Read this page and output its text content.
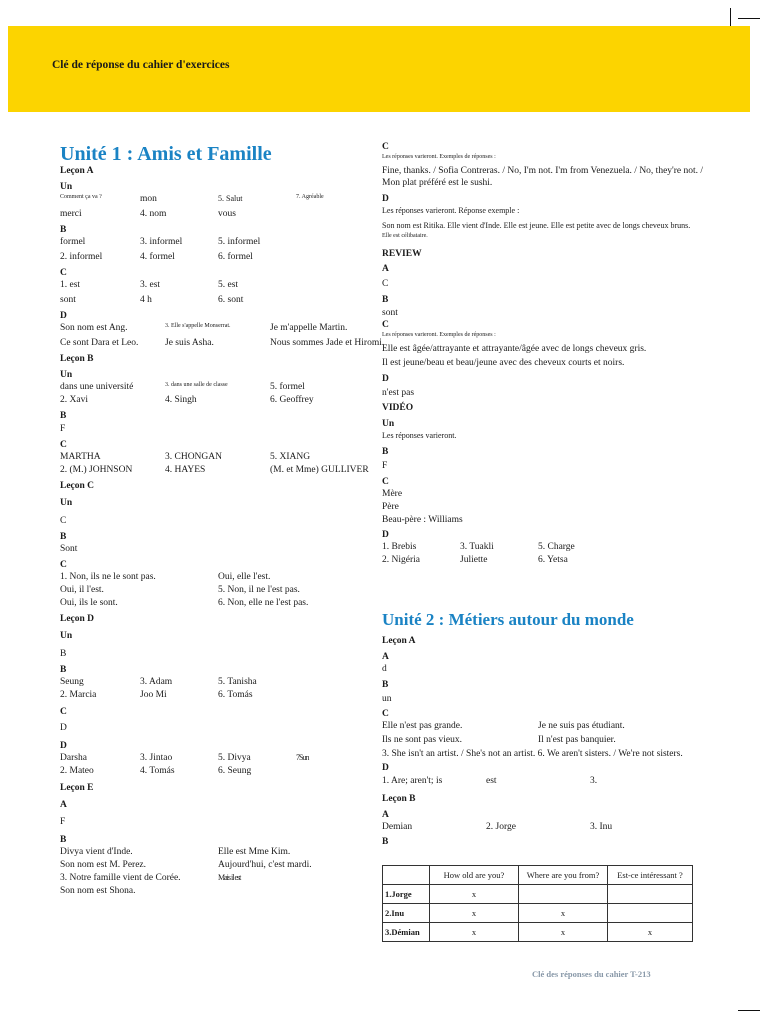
Clé de réponse du cahier d'exercices
Unité 1 : Amis et Famille
Leçon A
Un
Comment ça va ?	mon	5. Salut	7. Agréable
merci	4. nom	vous
B
formel	3. informel	5. informel
2. informel	4. formel	6. formel
C
1. est	3. est	5. est
sont	4 h	6. sont
D
Son nom est Ang.	3. Elle s'appelle Monserrat.	Je m'appelle Martin.
Ce sont Dara et Leo.	Je suis Asha.	Nous sommes Jade et Hiromi.
Leçon B
Un
dans une université	3. dans une salle de classe	5. formel
2. Xavi	4. Singh	6. Geoffrey
B
F
C
MARTHA	3. CHONGAN	5. XIANG
2. (M.) JOHNSON	4. HAYES	(M. et Mme) GULLIVER
Leçon C
Un
C
B
Sont
C
1. Non, ils ne le sont pas.	Oui, elle l'est.
Oui, il l'est.	5. Non, il ne l'est pas.
Oui, ils le sont.	6. Non, elle ne l'est pas.
Leçon D
Un
B
B
Seung	3. Adam	5. Tanisha
2. Marcia	Joo Mi	6. Tomás
C
D
D
Darsha	3. Jintao	5. Divya	7Sun
2. Mateo	4. Tomás	6. Seung
Leçon E
A
F
B
Divya vient d'Inde.	Elle est Mme Kim.
Son nom est M. Perez.	Aujourd'hui, c'est mardi.
3. Notre famille vient de Corée.	Mais il est
Son nom est Shona.
C
Les réponses varieront. Exemples de réponses :
Fine, thanks. / Sofia Contreras. / No, I'm not. I'm from Venezuela. / No, they're not. /
Mon plat préféré est le sushi.
D
Les réponses varieront. Réponse exemple :
Son nom est Ritika. Elle vient d'Inde. Elle est jeune. Elle est petite avec de longs cheveux bruns.
Elle est célibataire.
REVIEW
A
C
B
sont
C
Les réponses varieront. Exemples de réponses :
Elle est âgée/attrayante et attrayante/âgée avec de longs cheveux gris.
Il est jeune/beau et beau/jeune avec des cheveux courts et noirs.
D
n'est pas
VIDÉO
Un
Les réponses varieront.
B
F
C
Mère
Père
Beau-père : Williams
D
1. Brebis	3. Tuakli	5. Charge
2. Nigéria	Juliette	6. Yetsa
Unité 2 : Métiers autour du monde
Leçon A
A
d
B
un
C
Elle n'est pas grande.	Je ne suis pas étudiant.
Ils ne sont pas vieux.	Il n'est pas banquier.
3. She isn't an artist. / She's not an artist. 6. We aren't sisters. / We're not sisters.
D
1. Are; aren't; is	est	3.
Leçon B
A
Demian	2. Jorge	3. Inu
B
	How old are you?	Where are you from?	Est-ce intéressant ?
1.Jorge	x		
2.Inu	x	x	
3.Démian	x	x	x
Clé des réponses du cahier T-213
